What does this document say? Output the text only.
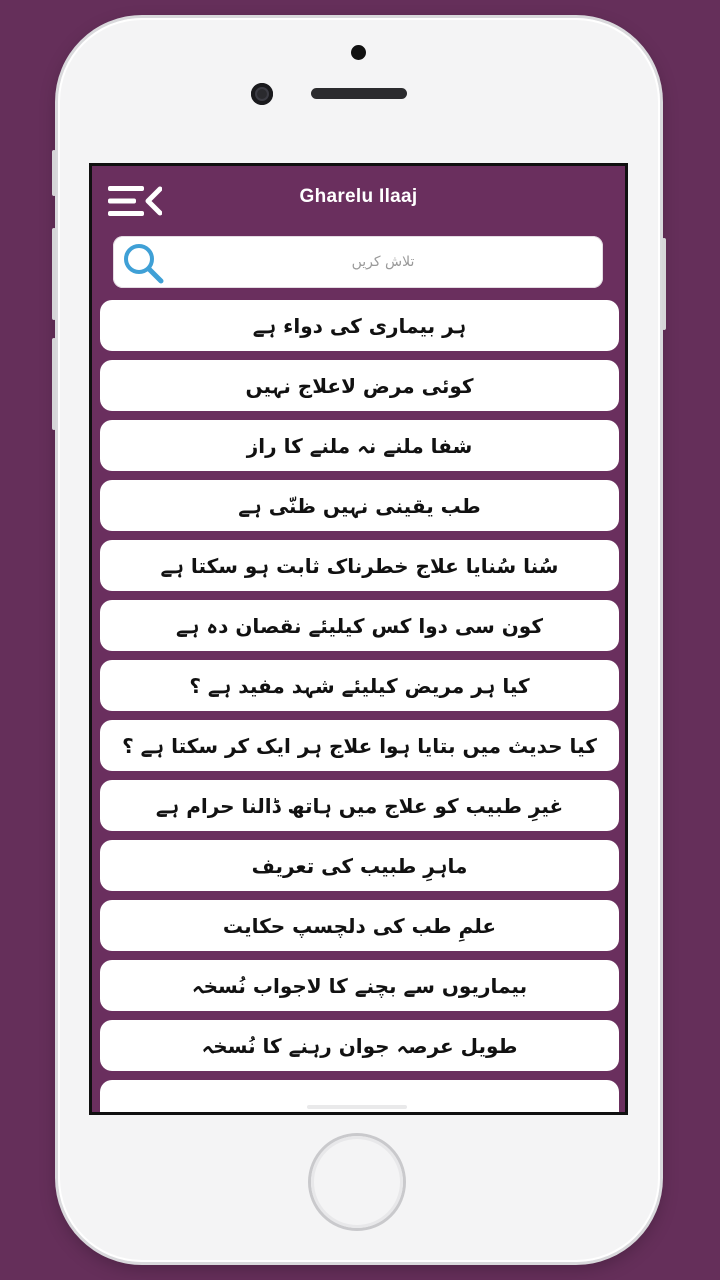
Gharelu Ilaaj
تلاش کریں
ہر بیماری کی دواء ہے
کوئی مرض لاعلاج نہیں
شفا ملنے نہ ملنے کا راز
طب یقینی نہیں ظنّی ہے
سُنا سُنایا علاج خطرناک ثابت ہو سکتا ہے
کون سی دوا کس کیلیئے نقصان دہ ہے
کیا ہر مریض کیلیئے شہد مفید ہے ؟
کیا حدیث میں بتایا ہوا علاج ہر ایک کر سکتا ہے ؟
غیرِ طبیب کو علاج میں ہاتھ ڈالنا حرام ہے
ماہرِ طبیب کی تعریف
علمِ طب کی دلچسپ حکایت
بیماریوں سے بچنے کا لاجواب نُسخہ
طویل عرصہ جوان رہنے کا نُسخہ
